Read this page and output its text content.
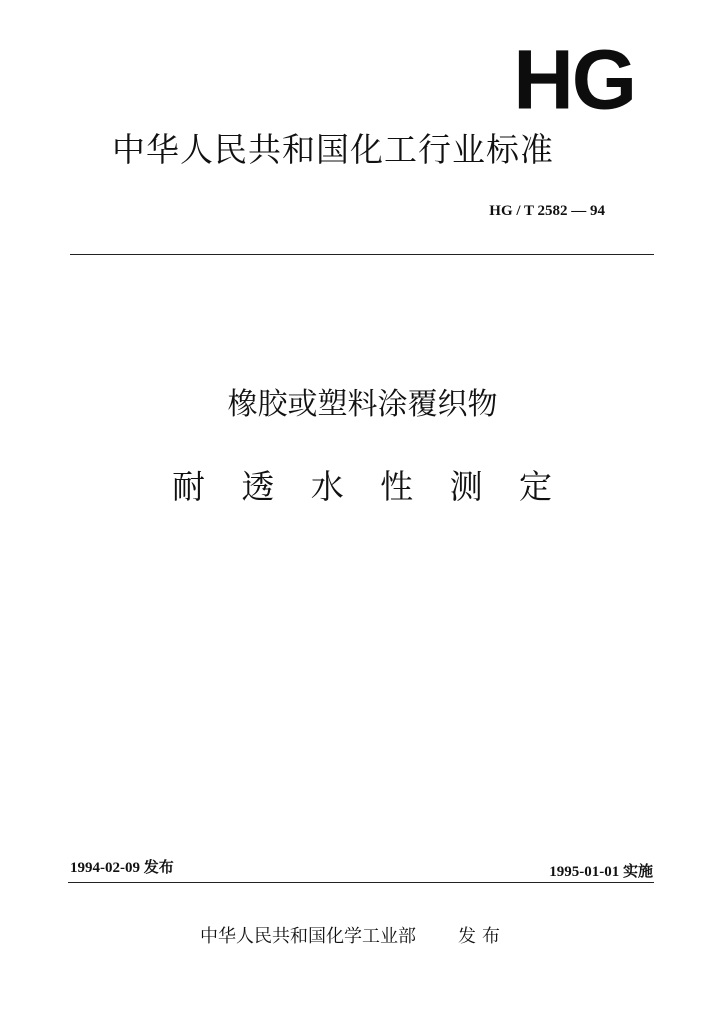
HG
中华人民共和国化工行业标准
HG / T 2582 — 94
橡胶或塑料涂覆织物
耐 透 水 性 测 定
1994-02-09 发布	1995-01-01 实施
中华人民共和国化学工业部 发布
